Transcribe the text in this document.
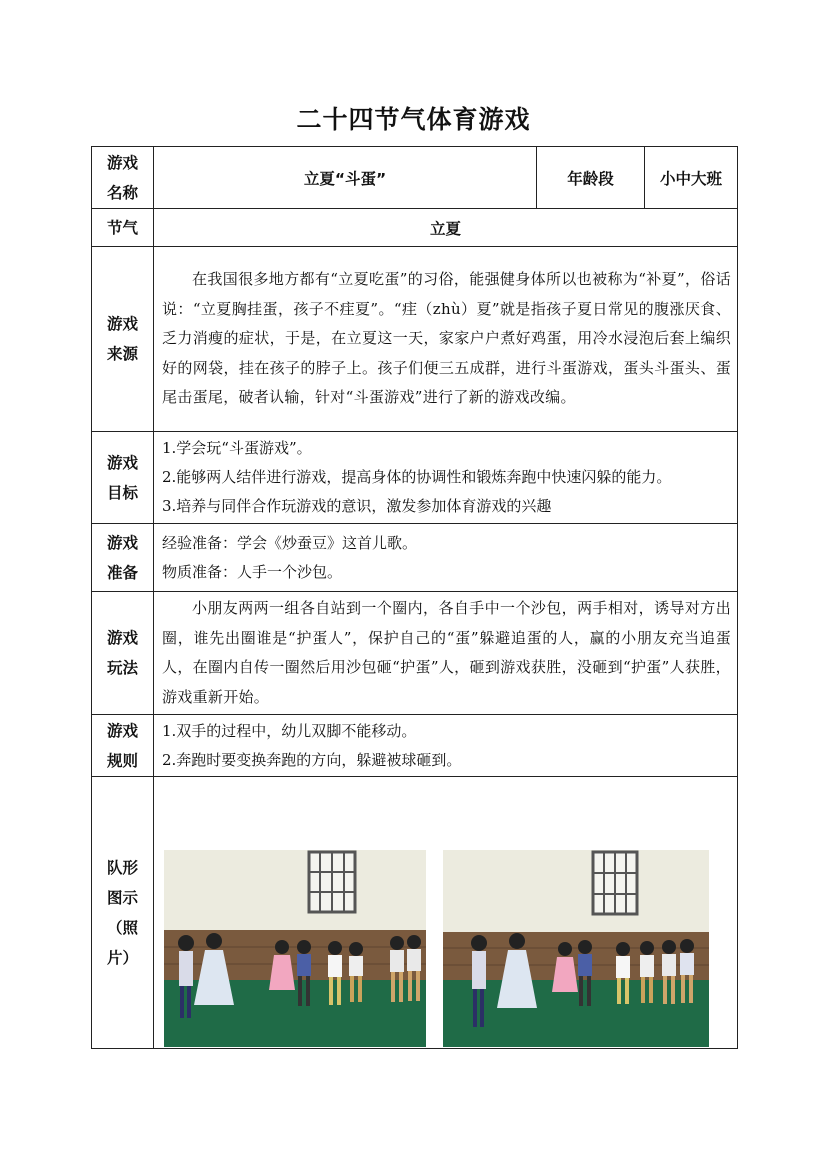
二十四节气体育游戏
游戏名称	立夏“斗蛋”	年龄段	小中大班
节气	立夏		

游戏来源	在我国很多地方都有“立夏吃蛋”的习俗，能强健身体所以也被称为“补夏”，俗话说：“立夏胸挂蛋，孩子不疰夏”。“疰（zhù）夏”就是指孩子夏日常见的腹涨厌食、乏力消瘦的症状，于是，在立夏这一天，家家户户煮好鸡蛋，用冷水浸泡后套上编织好的网袋，挂在孩子的脖子上。孩子们便三五成群，进行斗蛋游戏，蛋头斗蛋头、蛋尾击蛋尾，破者认输，针对“斗蛋游戏”进行了新的游戏改编。		

游戏目标	1.学会玩“斗蛋游戏”。
2.能够两人结伴进行游戏，提高身体的协调性和锻炼奔跑中快速闪躲的能力。
3.培养与同伴合作玩游戏的意识，激发参加体育游戏的兴趣		

游戏准备	经验准备：学会《炒蚕豆》这首儿歌。
物质准备：人手一个沙包。		

游戏玩法	小朋友两两一组各自站到一个圈内，各自手中一个沙包，两手相对，诱导对方出圈，谁先出圈谁是“护蛋人”，保护自己的“蛋”躲避追蛋的人，赢的小朋友充当追蛋人，在圈内自传一圈然后用沙包砸“护蛋”人，砸到游戏获胜，没砸到“护蛋”人获胜，游戏重新开始。		

游戏规则	1.双手的过程中，幼儿双脚不能移动。
2.奔跑时要变换奔跑的方向，躲避被球砸到。		

队形图示（照片）
